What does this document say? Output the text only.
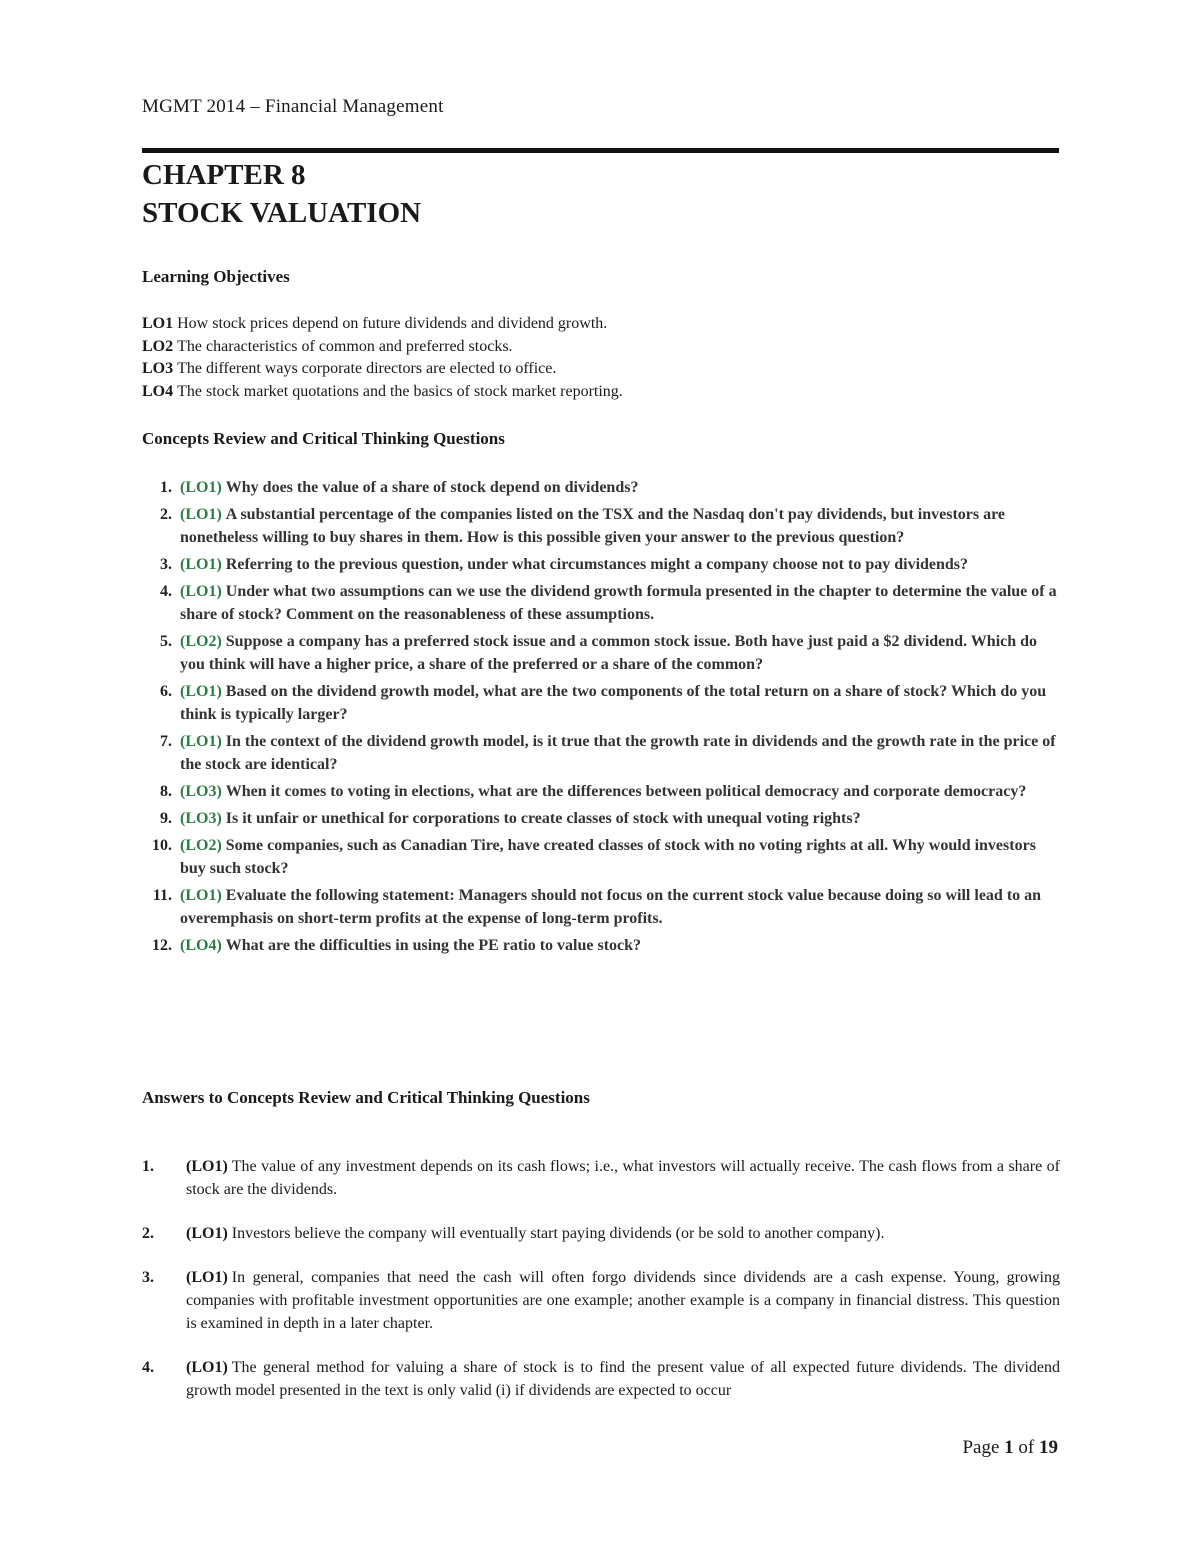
MGMT 2014 – Financial Management
CHAPTER 8
STOCK VALUATION
Learning Objectives
LO1 How stock prices depend on future dividends and dividend growth.
LO2 The characteristics of common and preferred stocks.
LO3 The different ways corporate directors are elected to office.
LO4 The stock market quotations and the basics of stock market reporting.
Concepts Review and Critical Thinking Questions
1. (LO1) Why does the value of a share of stock depend on dividends?
2. (LO1) A substantial percentage of the companies listed on the TSX and the Nasdaq don't pay dividends, but investors are nonetheless willing to buy shares in them. How is this possible given your answer to the previous question?
3. (LO1) Referring to the previous question, under what circumstances might a company choose not to pay dividends?
4. (LO1) Under what two assumptions can we use the dividend growth formula presented in the chapter to determine the value of a share of stock? Comment on the reasonableness of these assumptions.
5. (LO2) Suppose a company has a preferred stock issue and a common stock issue. Both have just paid a $2 dividend. Which do you think will have a higher price, a share of the preferred or a share of the common?
6. (LO1) Based on the dividend growth model, what are the two components of the total return on a share of stock? Which do you think is typically larger?
7. (LO1) In the context of the dividend growth model, is it true that the growth rate in dividends and the growth rate in the price of the stock are identical?
8. (LO3) When it comes to voting in elections, what are the differences between political democracy and corporate democracy?
9. (LO3) Is it unfair or unethical for corporations to create classes of stock with unequal voting rights?
10. (LO2) Some companies, such as Canadian Tire, have created classes of stock with no voting rights at all. Why would investors buy such stock?
11. (LO1) Evaluate the following statement: Managers should not focus on the current stock value because doing so will lead to an overemphasis on short-term profits at the expense of long-term profits.
12. (LO4) What are the difficulties in using the PE ratio to value stock?
Answers to Concepts Review and Critical Thinking Questions
1.	(LO1) The value of any investment depends on its cash flows; i.e., what investors will actually receive. The cash flows from a share of stock are the dividends.
2.	(LO1) Investors believe the company will eventually start paying dividends (or be sold to another company).
3.	(LO1) In general, companies that need the cash will often forgo dividends since dividends are a cash expense. Young, growing companies with profitable investment opportunities are one example; another example is a company in financial distress. This question is examined in depth in a later chapter.
4.	(LO1) The general method for valuing a share of stock is to find the present value of all expected future dividends. The dividend growth model presented in the text is only valid (i) if dividends are expected to occur
Page 1 of 19
